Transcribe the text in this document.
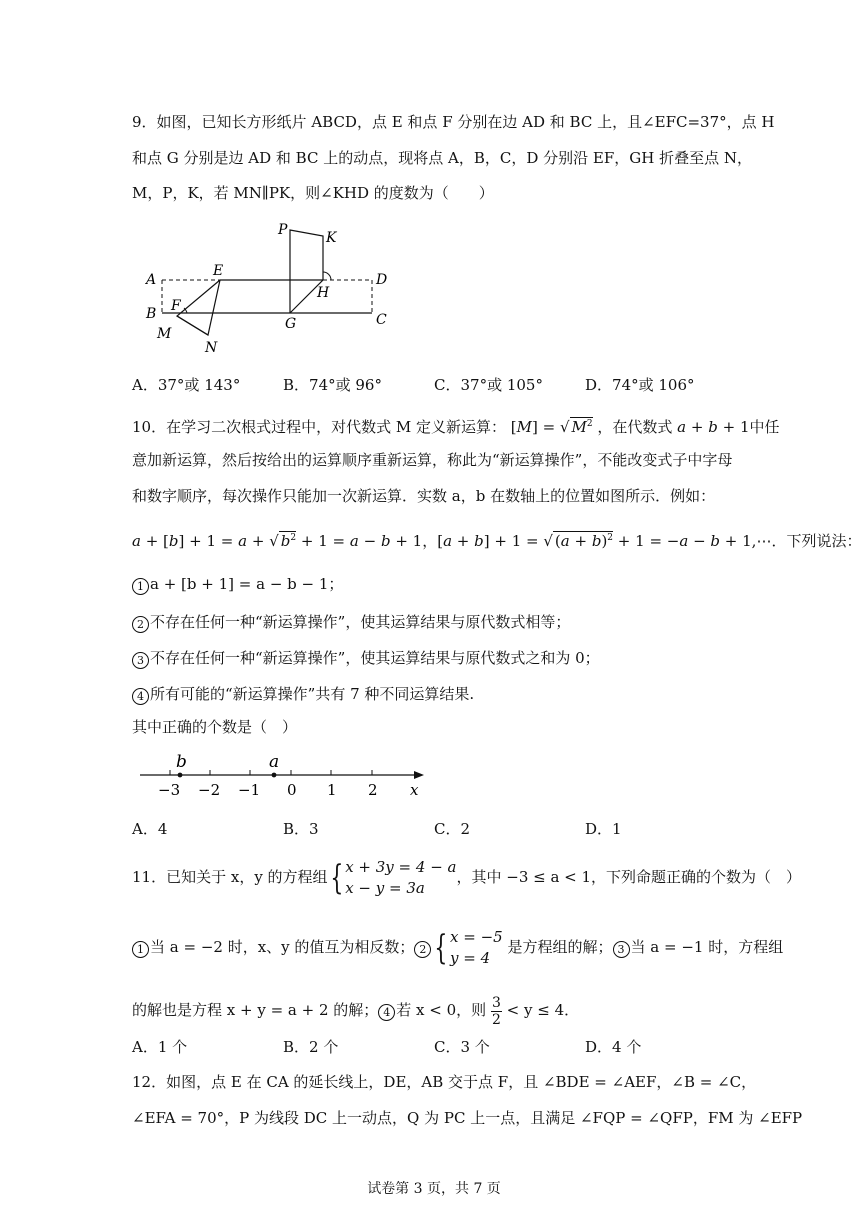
9．如图，已知长方形纸片 ABCD，点 E 和点 F 分别在边 AD 和 BC 上，且∠EFC=37°，点 H
和点 G 分别是边 AD 和 BC 上的动点，现将点 A，B，C，D 分别沿 EF，GH 折叠至点 N，
M，P，K，若 MN∥PK，则∠KHD 的度数为（　　）
A
B
D
C
E
F
G
H
M
N
P	K
A．37°或 143°	B．74°或 96°	C．37°或 105°	D．74°或 106°
10．在学习二次根式过程中，对代数式 M 定义新运算： [M] = √ $M^2$ ，在代数式 a + b + 1中任
意加新运算，然后按给出的运算顺序重新运算，称此为“新运算操作”，不能改变式子中字母
和数字顺序，每次操作只能加一次新运算．实数 a，b 在数轴上的位置如图所示．例如：
a + [b] + 1 = a + √ $b^2 + 1 = a - b + 1$，[a + b] + 1 = √ $(a + b)^2 + 1 = -a - b$ + 1,⋯．下列说法：
1 a + [b + 1] = a − b − 1；
2 不存在任何一种“新运算操作”，使其运算结果与原代数式相等；
3 不存在任何一种“新运算操作”，使其运算结果与原代数式之和为 0；
4 所有可能的“新运算操作”共有 7 种不同运算结果.
其中正确的个数是（　）
b	a
−3 −2 −1 0 1 2 x
A．4	B．3	C．2	D．1
11．已知关于 x，y 的方程组{ x + 3y = 4 − a
x − y = 3a，其中 −3 ≤ a < 1，下列命题正确的个数为（　）
1 当 a = −2 时，x、y 的值互为相反数； 2 { x = −5
y = 4 是方程组的解； 3 当 a = −1 时，方程组
的解也是方程 x + y = a + 2 的解； 4 若 x < 0，则 $\frac{3}{2} < y \le 4$．
A．1 个	B．2 个	C．3 个	D．4 个
12．如图，点 E 在 CA 的延长线上，DE，AB 交于点 F，且 ∠BDE = ∠AEF，∠B = ∠C，
∠EFA = 70°，P 为线段 DC 上一动点，Q 为 PC 上一点，且满足 ∠FQP = ∠QFP，FM 为 ∠EFP
试卷第 3 页，共 7 页
